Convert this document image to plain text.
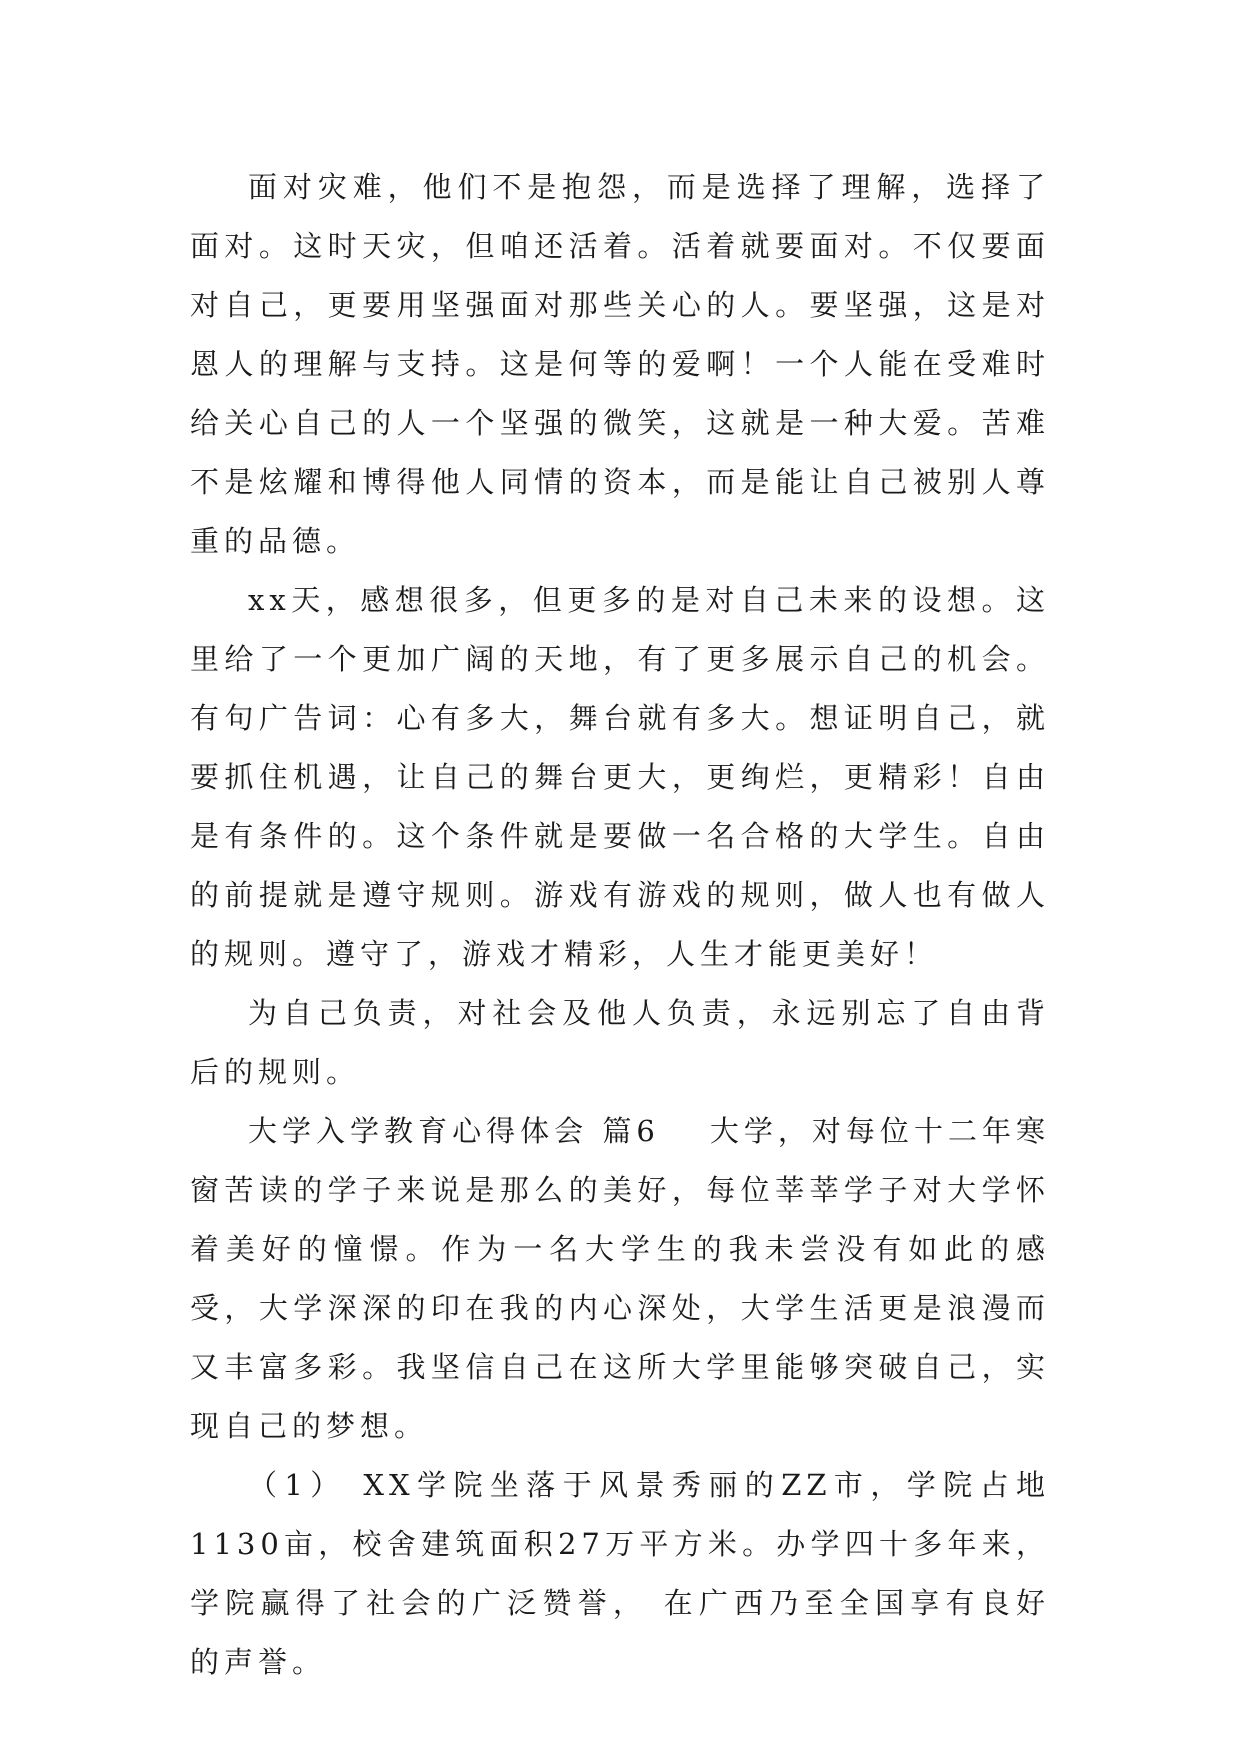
面对灾难，他们不是抱怨，而是选择了理解，选择了面对。这时天灾，但咱还活着。活着就要面对。不仅要面对自己，更要用坚强面对那些关心的人。要坚强，这是对恩人的理解与支持。这是何等的爱啊！一个人能在受难时给关心自己的人一个坚强的微笑，这就是一种大爱。苦难不是炫耀和博得他人同情的资本，而是能让自己被别人尊重的品德。

xx天，感想很多，但更多的是对自己未来的设想。这里给了一个更加广阔的天地，有了更多展示自己的机会。有句广告词：心有多大，舞台就有多大。想证明自己，就要抓住机遇，让自己的舞台更大，更绚烂，更精彩！自由是有条件的。这个条件就是要做一名合格的大学生。自由的前提就是遵守规则。游戏有游戏的规则，做人也有做人的规则。遵守了，游戏才精彩，人生才能更美好！

为自己负责，对社会及他人负责，永远别忘了自由背后的规则。

大学入学教育心得体会 篇6 大学，对每位十二年寒窗苦读的学子来说是那么的美好，每位莘莘学子对大学怀着美好的憧憬。作为一名大学生的我未尝没有如此的感受，大学深深的印在我的内心深处，大学生活更是浪漫而又丰富多彩。我坚信自己在这所大学里能够突破自己，实现自己的梦想。

（1） XX学院坐落于风景秀丽的ZZ市，学院占地1130亩，校舍建筑面积27万平方米。办学四十多年来，学院赢得了社会的广泛赞誉， 在广西乃至全国享有良好的声誉。
